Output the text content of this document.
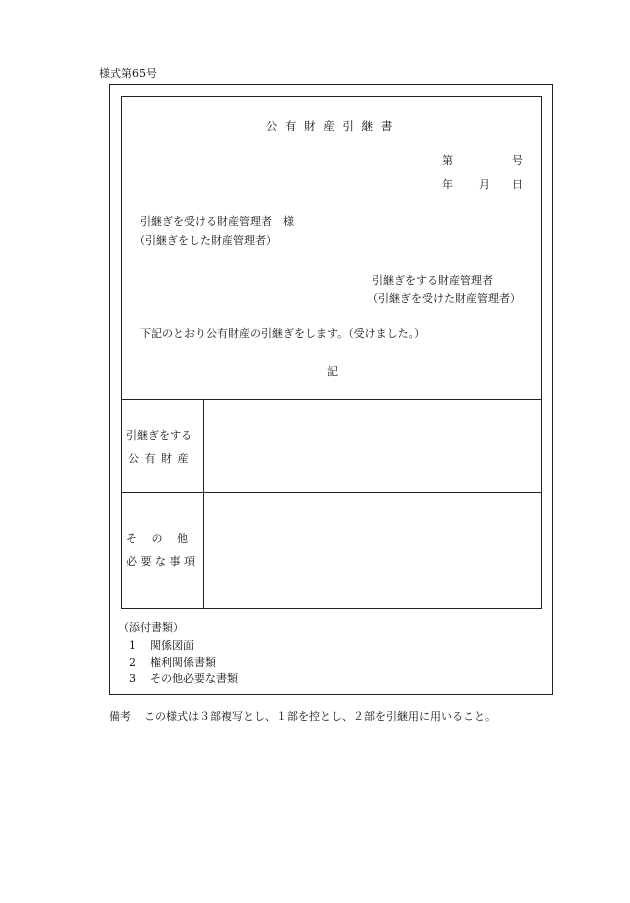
様式第65号
公 有 財 産 引 継 書
第	号
年 月 日
引継ぎを受ける財産管理者　様
（引継ぎをした財産管理者）
引継ぎをする財産管理者
（引継ぎを受けた財産管理者）
下記のとおり公有財産の引継ぎをします。（受けました。）
記
引継ぎをする
公 有 財 産
そ　 の　 他
必 要 な 事 項
（添付書類）
1 関係図面
2 権利関係書類
3 その他必要な書類
備考 この様式は３部複写とし、１部を控とし、２部を引継用に用いること。
